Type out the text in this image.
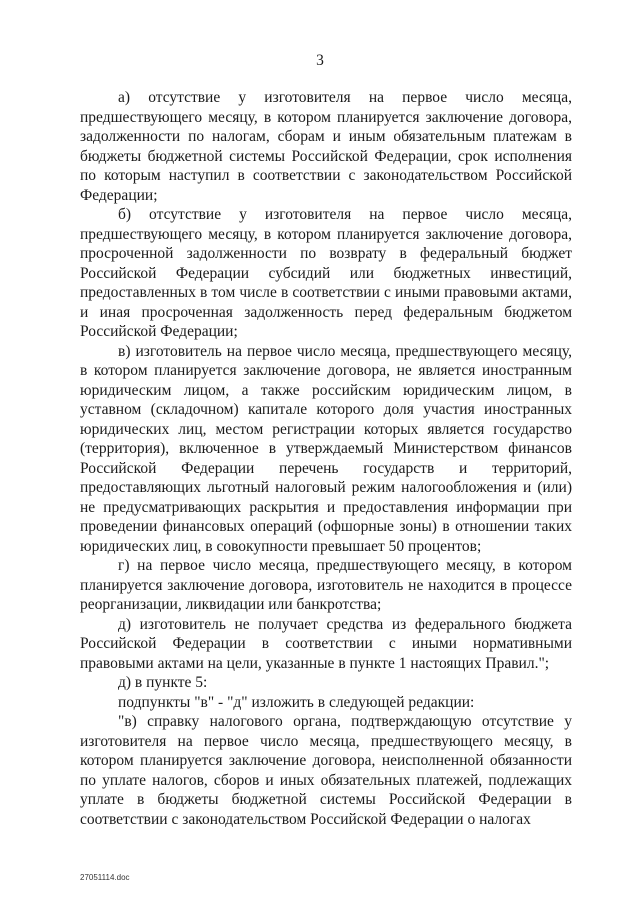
3

а) отсутствие у изготовителя на первое число месяца, предшествующего месяцу, в котором планируется заключение договора, задолженности по налогам, сборам и иным обязательным платежам в бюджеты бюджетной системы Российской Федерации, срок исполнения по которым наступил в соответствии с законодательством Российской Федерации;

б) отсутствие у изготовителя на первое число месяца, предшествующего месяцу, в котором планируется заключение договора, просроченной задолженности по возврату в федеральный бюджет Российской Федерации субсидий или бюджетных инвестиций, предоставленных в том числе в соответствии с иными правовыми актами, и иная просроченная задолженность перед федеральным бюджетом Российской Федерации;

в) изготовитель на первое число месяца, предшествующего месяцу, в котором планируется заключение договора, не является иностранным юридическим лицом, а также российским юридическим лицом, в уставном (складочном) капитале которого доля участия иностранных юридических лиц, местом регистрации которых является государство (территория), включенное в утверждаемый Министерством финансов Российской Федерации перечень государств и территорий, предоставляющих льготный налоговый режим налогообложения и (или) не предусматривающих раскрытия и предоставления информации при проведении финансовых операций (офшорные зоны) в отношении таких юридических лиц, в совокупности превышает 50 процентов;

г) на первое число месяца, предшествующего месяцу, в котором планируется заключение договора, изготовитель не находится в процессе реорганизации, ликвидации или банкротства;

д) изготовитель не получает средства из федерального бюджета Российской Федерации в соответствии с иными нормативными правовыми актами на цели, указанные в пункте 1 настоящих Правил.";

д) в пункте 5:

подпункты "в" - "д" изложить в следующей редакции:

"в) справку налогового органа, подтверждающую отсутствие у изготовителя на первое число месяца, предшествующего месяцу, в котором планируется заключение договора, неисполненной обязанности по уплате налогов, сборов и иных обязательных платежей, подлежащих уплате в бюджеты бюджетной системы Российской Федерации в соответствии с законодательством Российской Федерации о налогах

27051114.doc
